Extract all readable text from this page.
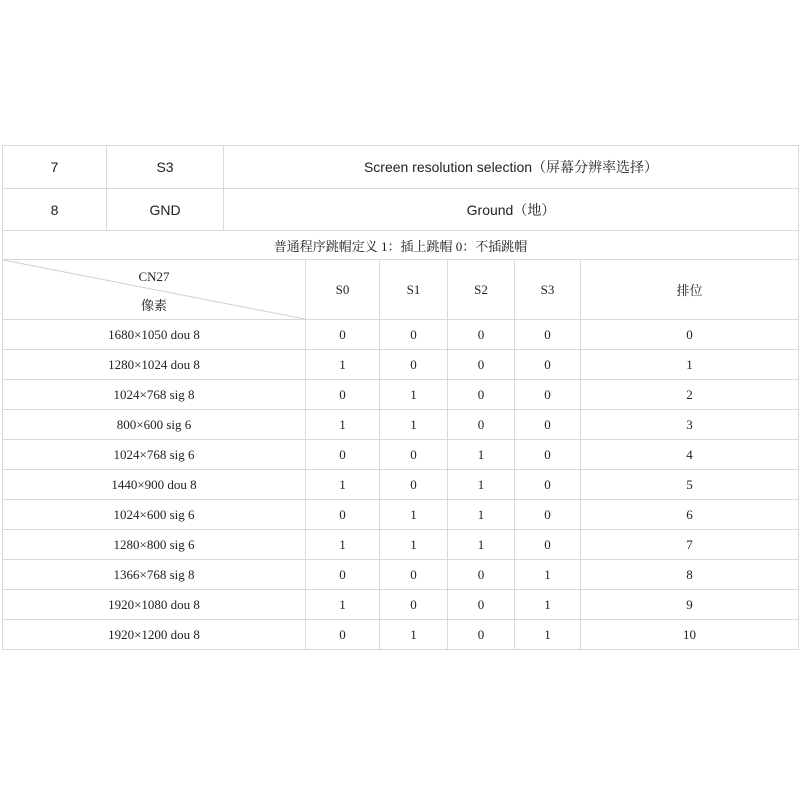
7	S3	Screen resolution selection（屏幕分辨率选择）
8	GND	Ground（地）
普通程序跳帽定义 1：插上跳帽 0：不插跳帽		
CN27
像素	S0	S1	S2	S3	排位
1680×1050 dou 8	0	0	0	0	0
1280×1024 dou 8	1	0	0	0	1
1024×768 sig 8	0	1	0	0	2
800×600 sig 6	1	1	0	0	3
1024×768 sig 6	0	0	1	0	4
1440×900 dou 8	1	0	1	0	5
1024×600 sig 6	0	1	1	0	6
1280×800 sig 6	1	1	1	0	7
1366×768 sig 8	0	0	0	1	8
1920×1080 dou 8	1	0	0	1	9
1920×1200 dou 8	0	1	0	1	10
